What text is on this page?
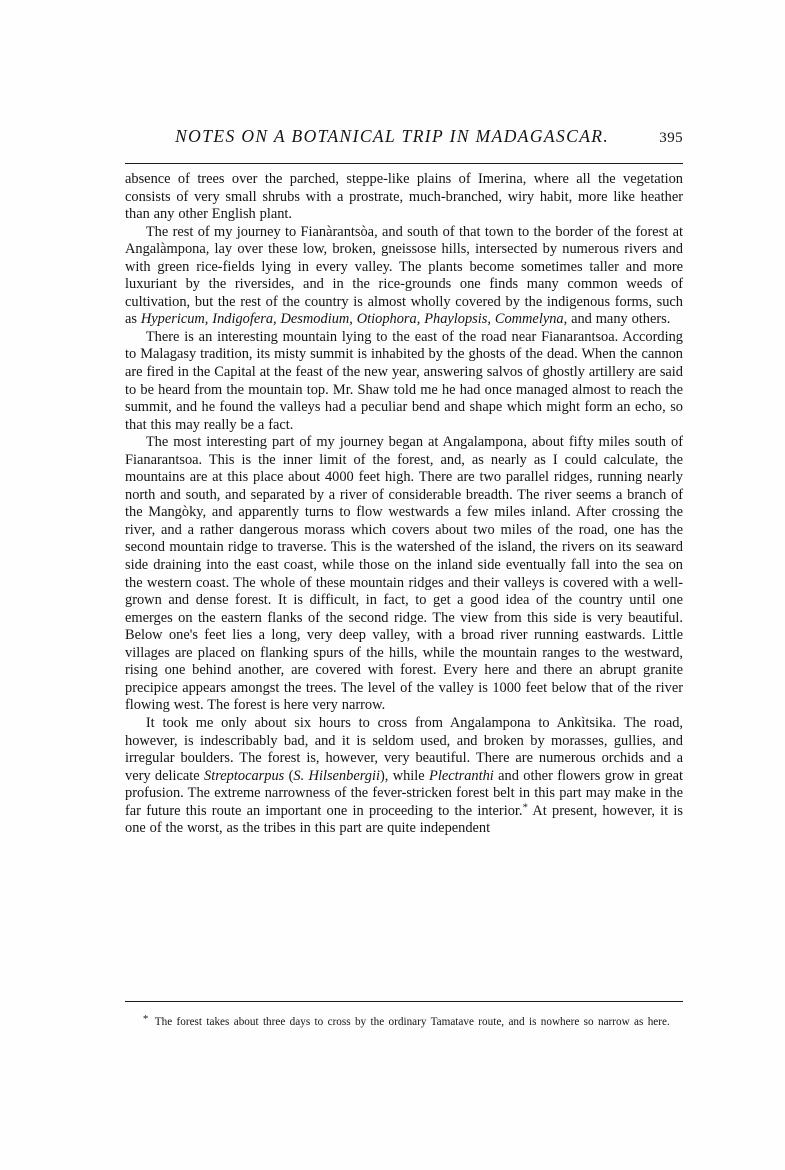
NOTES ON A BOTANICAL TRIP IN MADAGASCAR.	395

absence of trees over the parched, steppe-like plains of Imerina, where all the vegetation consists of very small shrubs with a prostrate, much-branched, wiry habit, more like heather than any other English plant.

The rest of my journey to Fianàrantsòa, and south of that town to the border of the forest at Angalàmpona, lay over these low, broken, gneissose hills, intersected by numerous rivers and with green rice-fields lying in every valley. The plants become sometimes taller and more luxuriant by the riversides, and in the rice-grounds one finds many common weeds of cultivation, but the rest of the country is almost wholly covered by the indigenous forms, such as Hypericum, Indigofera, Desmodium, Otiophora, Phaylopsis, Commelyna, and many others.

There is an interesting mountain lying to the east of the road near Fianarantsoa. According to Malagasy tradition, its misty summit is inhabited by the ghosts of the dead. When the cannon are fired in the Capital at the feast of the new year, answering salvos of ghostly artillery are said to be heard from the mountain top. Mr. Shaw told me he had once managed almost to reach the summit, and he found the valleys had a peculiar bend and shape which might form an echo, so that this may really be a fact.

The most interesting part of my journey began at Angalampona, about fifty miles south of Fianarantsoa. This is the inner limit of the forest, and, as nearly as I could calculate, the mountains are at this place about 4000 feet high. There are two parallel ridges, running nearly north and south, and separated by a river of considerable breadth. The river seems a branch of the Mangòky, and apparently turns to flow westwards a few miles inland. After crossing the river, and a rather dangerous morass which covers about two miles of the road, one has the second mountain ridge to traverse. This is the watershed of the island, the rivers on its seaward side draining into the east coast, while those on the inland side eventually fall into the sea on the western coast. The whole of these mountain ridges and their valleys is covered with a well-grown and dense forest. It is difficult, in fact, to get a good idea of the country until one emerges on the eastern flanks of the second ridge. The view from this side is very beautiful. Below one's feet lies a long, very deep valley, with a broad river running eastwards. Little villages are placed on flanking spurs of the hills, while the mountain ranges to the westward, rising one behind another, are covered with forest. Every here and there an abrupt granite precipice appears amongst the trees. The level of the valley is 1000 feet below that of the river flowing west. The forest is here very narrow.

It took me only about six hours to cross from Angalampona to Ankìtsika. The road, however, is indescribably bad, and it is seldom used, and broken by morasses, gullies, and irregular boulders. The forest is, however, very beautiful. There are numerous orchids and a very delicate Streptocarpus (S. Hilsenbergii), while Plectranthi and other flowers grow in great profusion. The extreme narrowness of the fever-stricken forest belt in this part may make in the far future this route an important one in proceeding to the interior.* At present, however, it is one of the worst, as the tribes in this part are quite independent

* The forest takes about three days to cross by the ordinary Tamatave route, and is nowhere so narrow as here.
